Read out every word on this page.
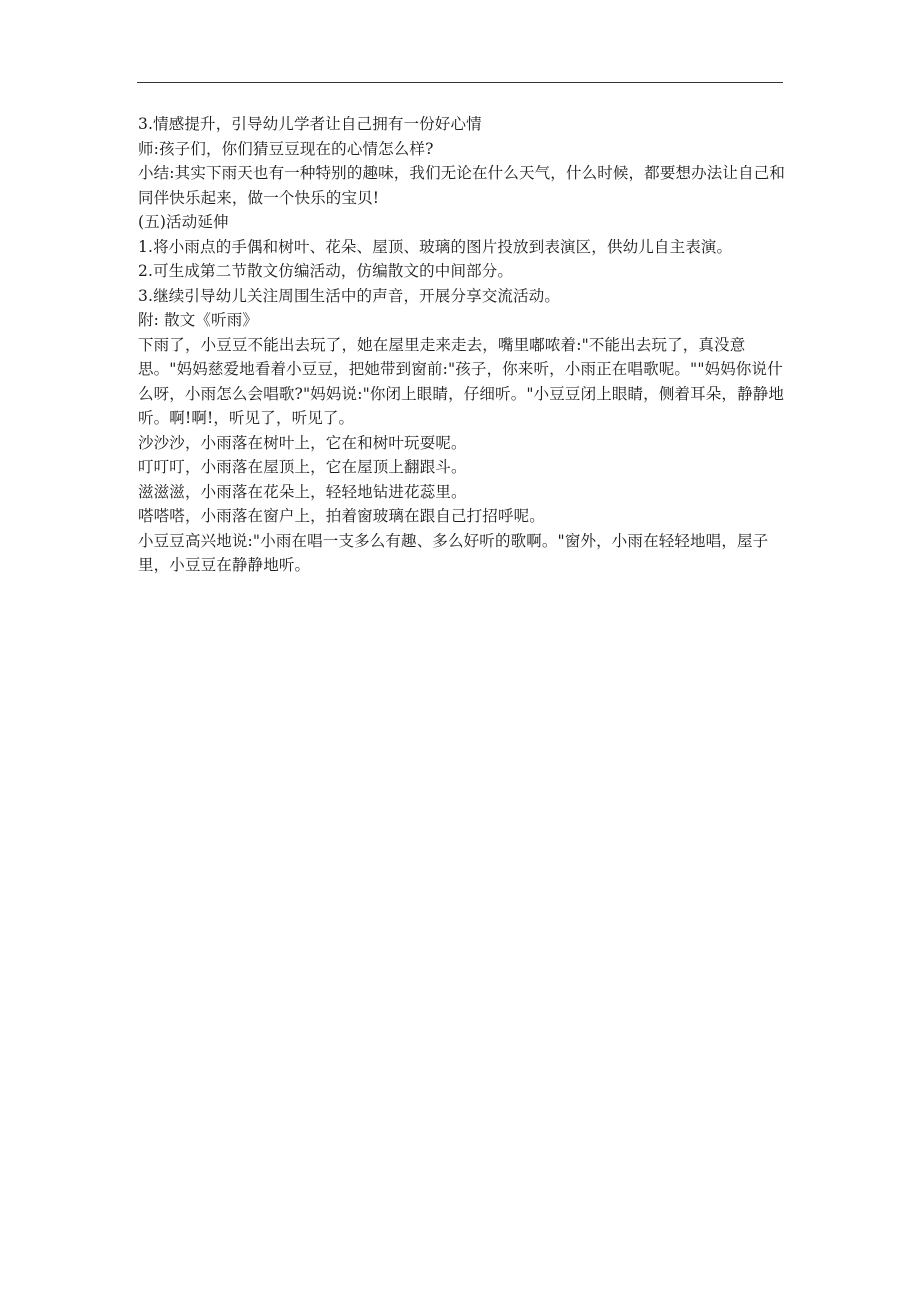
3.情感提升，引导幼儿学者让自己拥有一份好心情

师:孩子们，你们猜豆豆现在的心情怎么样?

小结:其实下雨天也有一种特别的趣味，我们无论在什么天气，什么时候，都要想办法让自己和同伴快乐起来，做一个快乐的宝贝!

(五)活动延伸

1.将小雨点的手偶和树叶、花朵、屋顶、玻璃的图片投放到表演区，供幼儿自主表演。

2.可生成第二节散文仿编活动，仿编散文的中间部分。

3.继续引导幼儿关注周围生活中的声音，开展分享交流活动。

附: 散文《听雨》

下雨了，小豆豆不能出去玩了，她在屋里走来走去，嘴里嘟哝着:"不能出去玩了，真没意思。"妈妈慈爱地看着小豆豆，把她带到窗前:"孩子，你来听，小雨正在唱歌呢。""妈妈你说什么呀，小雨怎么会唱歌?"妈妈说:"你闭上眼睛，仔细听。"小豆豆闭上眼睛，侧着耳朵，静静地听。啊!啊!，听见了，听见了。

沙沙沙，小雨落在树叶上，它在和树叶玩耍呢。

叮叮叮，小雨落在屋顶上，它在屋顶上翻跟斗。

滋滋滋，小雨落在花朵上，轻轻地钻进花蕊里。

嗒嗒嗒，小雨落在窗户上，拍着窗玻璃在跟自己打招呼呢。

小豆豆高兴地说:"小雨在唱一支多么有趣、多么好听的歌啊。"窗外，小雨在轻轻地唱，屋子里，小豆豆在静静地听。
